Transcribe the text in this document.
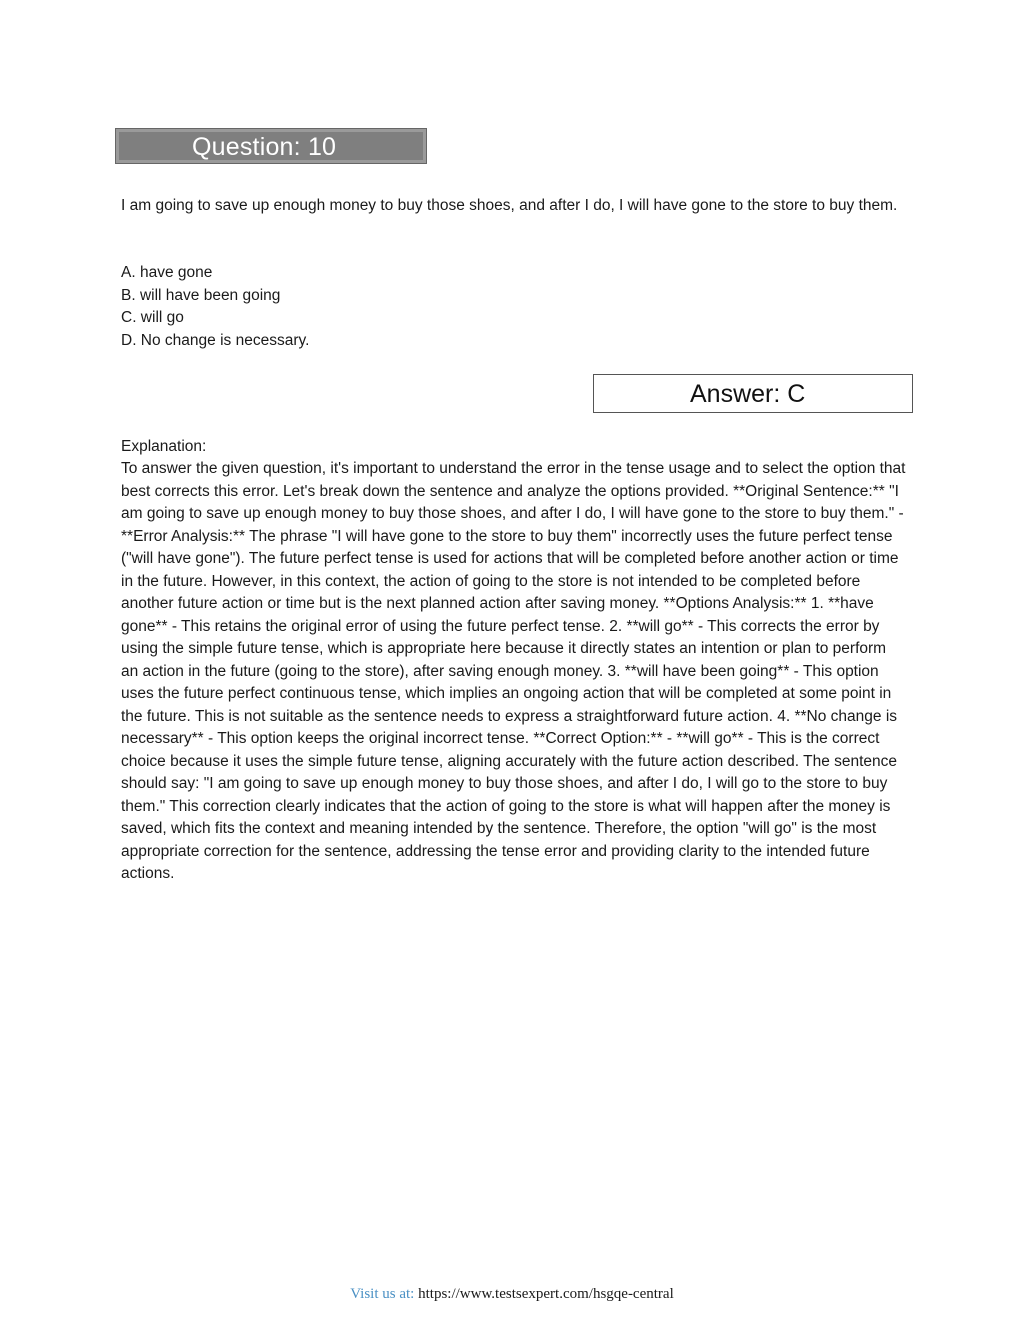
Question: 10

I am going to save up enough money to buy those shoes, and after I do, I will have gone to the store to buy them.

A. have gone
B. will have been going
C. will go
D. No change is necessary.
Answer: C

Explanation:

To answer the given question, it's important to understand the error in the tense usage and to select the option that best corrects this error. Let's break down the sentence and analyze the options provided. **Original Sentence:** "I am going to save up enough money to buy those shoes, and after I do, I will have gone to the store to buy them." - **Error Analysis:** The phrase "I will have gone to the store to buy them" incorrectly uses the future perfect tense ("will have gone"). The future perfect tense is used for actions that will be completed before another action or time in the future. However, in this context, the action of going to the store is not intended to be completed before another future action or time but is the next planned action after saving money. **Options Analysis:** 1. **have gone** - This retains the original error of using the future perfect tense. 2. **will go** - This corrects the error by using the simple future tense, which is appropriate here because it directly states an intention or plan to perform an action in the future (going to the store), after saving enough money. 3. **will have been going** - This option uses the future perfect continuous tense, which implies an ongoing action that will be completed at some point in the future. This is not suitable as the sentence needs to express a straightforward future action. 4. **No change is necessary** - This option keeps the original incorrect tense. **Correct Option:** - **will go** - This is the correct choice because it uses the simple future tense, aligning accurately with the future action described. The sentence should say: "I am going to save up enough money to buy those shoes, and after I do, I will go to the store to buy them." This correction clearly indicates that the action of going to the store is what will happen after the money is saved, which fits the context and meaning intended by the sentence. Therefore, the option "will go" is the most appropriate correction for the sentence, addressing the tense error and providing clarity to the intended future actions.

Visit us at: https://www.testsexpert.com/hsgqe-central
